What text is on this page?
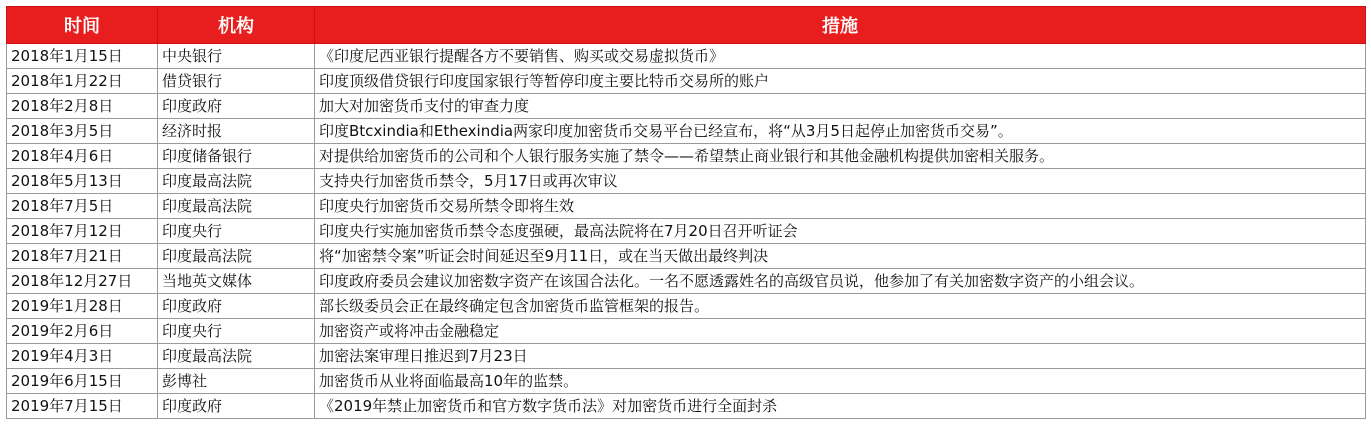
时间	机构	措施
2018年1月15日	中央银行	《印度尼西亚银行提醒各方不要销售、购买或交易虚拟货币》
2018年1月22日	借贷银行	印度顶级借贷银行印度国家银行等暂停印度主要比特币交易所的账户
2018年2月8日	印度政府	加大对加密货币支付的审查力度
2018年3月5日	经济时报	印度Btcxindia和Ethexindia两家印度加密货币交易平台已经宣布，将“从3月5日起停止加密货币交易”。
2018年4月6日	印度储备银行	对提供给加密货币的公司和个人银行服务实施了禁令——希望禁止商业银行和其他金融机构提供加密相关服务。
2018年5月13日	印度最高法院	支持央行加密货币禁令，5月17日或再次审议
2018年7月5日	印度最高法院	印度央行加密货币交易所禁令即将生效
2018年7月12日	印度央行	印度央行实施加密货币禁令态度强硬，最高法院将在7月20日召开听证会
2018年7月21日	印度最高法院	将“加密禁令案”听证会时间延迟至9月11日，或在当天做出最终判决
2018年12月27日	当地英文媒体	印度政府委员会建议加密数字资产在该国合法化。一名不愿透露姓名的高级官员说，他参加了有关加密数字资产的小组会议。
2019年1月28日	印度政府	部长级委员会正在最终确定包含加密货币监管框架的报告。
2019年2月6日	印度央行	加密资产或将冲击金融稳定
2019年4月3日	印度最高法院	加密法案审理日推迟到7月23日
2019年6月15日	彭博社	加密货币从业将面临最高10年的监禁。
2019年7月15日	印度政府	《2019年禁止加密货币和官方数字货币法》对加密货币进行全面封杀
